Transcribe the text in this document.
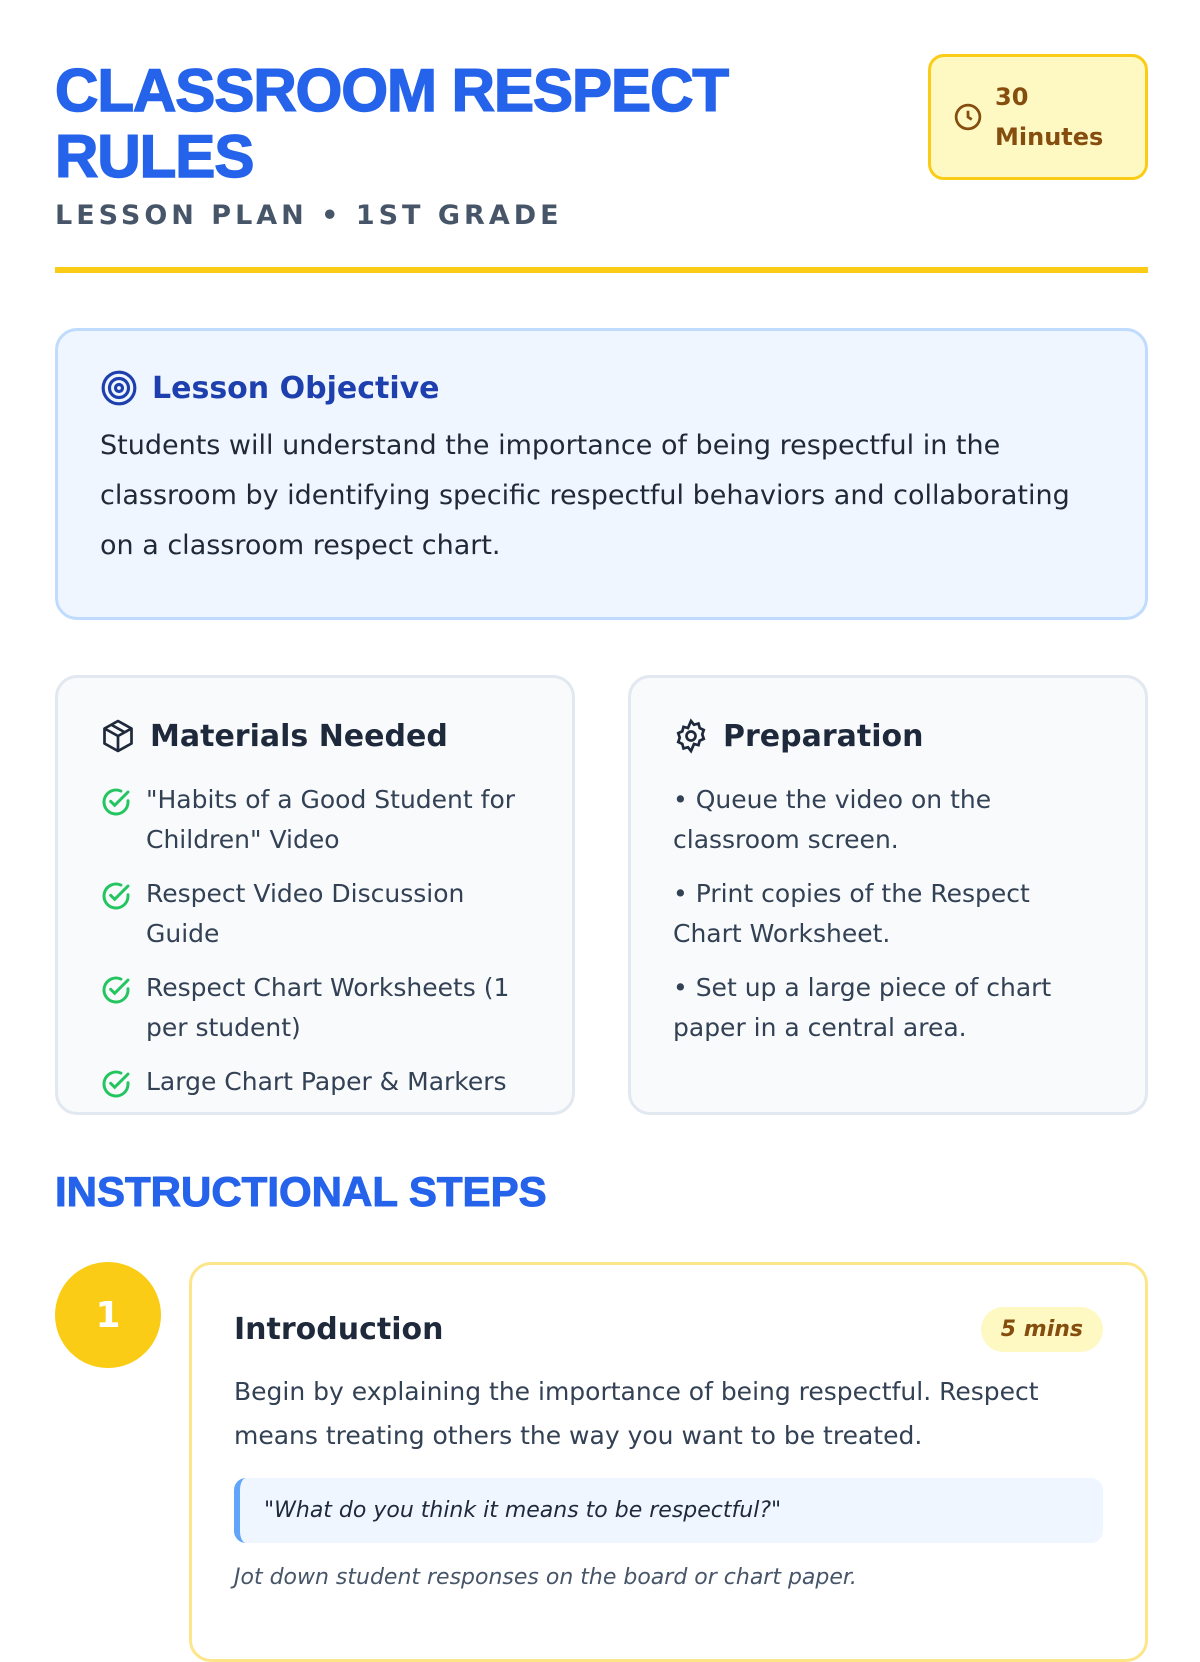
CLASSROOM RESPECT RULES
LESSON PLAN • 1ST GRADE
30
Minutes
Lesson Objective

Students will understand the importance of being respectful in the classroom by identifying specific respectful behaviors and collaborating on a classroom respect chart.

Materials Needed
"Habits of a Good Student for Children" Video
Respect Video Discussion Guide
Respect Chart Worksheets (1 per student)
Large Chart Paper & Markers
Preparation
• Queue the video on the classroom screen.
• Print copies of the Respect Chart Worksheet.
• Set up a large piece of chart paper in a central area.
INSTRUCTIONAL STEPS
1	Introduction	5 mins

Begin by explaining the importance of being respectful. Respect means treating others the way you want to be treated.

"What do you think it means to be respectful?"
Jot down student responses on the board or chart paper.
